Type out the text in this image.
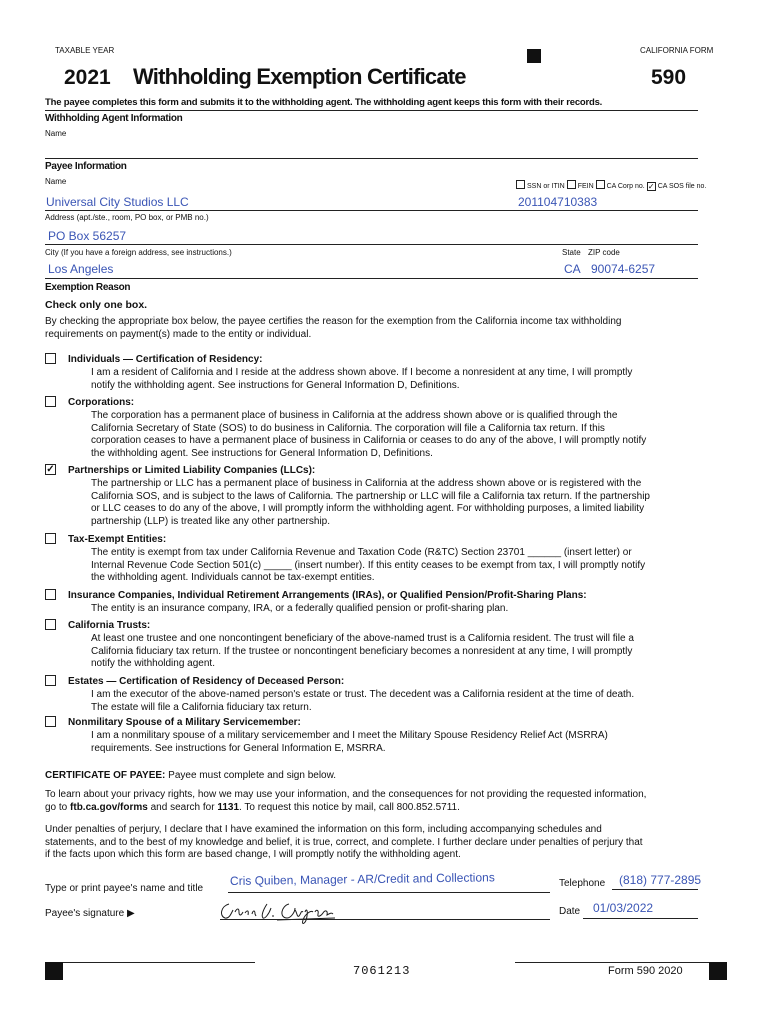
TAXABLE YEAR	CALIFORNIA FORM
2021 Withholding Exemption Certificate	590
The payee completes this form and submits it to the withholding agent. The withholding agent keeps this form with their records.
Withholding Agent Information
Name
Payee Information
Name
SSN or ITIN FEIN CA Corp no. ✓ CA SOS file no.
Universal City Studios LLC	201104710383
Address (apt./ste., room, PO box, or PMB no.)
PO Box 56257
City (If you have a foreign address, see instructions.)	State ZIP code
Los Angeles	CA 90074-6257
Exemption Reason
Check only one box.
By checking the appropriate box below, the payee certifies the reason for the exemption from the California income tax withholding
requirements on payment(s) made to the entity or individual.
Individuals — Certification of Residency:
I am a resident of California and I reside at the address shown above. If I become a nonresident at any time, I will promptly
notify the withholding agent. See instructions for General Information D, Definitions.
Corporations:
The corporation has a permanent place of business in California at the address shown above or is qualified through the
California Secretary of State (SOS) to do business in California. The corporation will file a California tax return. If this
corporation ceases to have a permanent place of business in California or ceases to do any of the above, I will promptly notify
the withholding agent. See instructions for General Information D, Definitions.
✓ Partnerships or Limited Liability Companies (LLCs):
The partnership or LLC has a permanent place of business in California at the address shown above or is registered with the
California SOS, and is subject to the laws of California. The partnership or LLC will file a California tax return. If the partnership
or LLC ceases to do any of the above, I will promptly inform the withholding agent. For withholding purposes, a limited liability
partnership (LLP) is treated like any other partnership.
Tax-Exempt Entities:
The entity is exempt from tax under California Revenue and Taxation Code (R&TC) Section 23701 ______ (insert letter) or
Internal Revenue Code Section 501(c) _____ (insert number). If this entity ceases to be exempt from tax, I will promptly notify
the withholding agent. Individuals cannot be tax-exempt entities.
Insurance Companies, Individual Retirement Arrangements (IRAs), or Qualified Pension/Profit-Sharing Plans:
The entity is an insurance company, IRA, or a federally qualified pension or profit-sharing plan.
California Trusts:
At least one trustee and one noncontingent beneficiary of the above-named trust is a California resident. The trust will file a
California fiduciary tax return. If the trustee or noncontingent beneficiary becomes a nonresident at any time, I will promptly
notify the withholding agent.
Estates — Certification of Residency of Deceased Person:
I am the executor of the above-named person's estate or trust. The decedent was a California resident at the time of death.
The estate will file a California fiduciary tax return.
Nonmilitary Spouse of a Military Servicemember:
I am a nonmilitary spouse of a military servicemember and I meet the Military Spouse Residency Relief Act (MSRRA)
requirements. See instructions for General Information E, MSRRA.
CERTIFICATE OF PAYEE: Payee must complete and sign below.
To learn about your privacy rights, how we may use your information, and the consequences for not providing the requested information,
go to ftb.ca.gov/forms and search for 1131. To request this notice by mail, call 800.852.5711.
Under penalties of perjury, I declare that I have examined the information on this form, including accompanying schedules and
statements, and to the best of my knowledge and belief, it is true, correct, and complete. I further declare under penalties of perjury that
if the facts upon which this form are based change, I will promptly notify the withholding agent.
Type or print payee's name and title
Cris Quiben, Manager - AR/Credit and Collections	Telephone (818) 777-2895
Payee's signature ▶	Date 01/03/2022
7061213	Form 590 2020
